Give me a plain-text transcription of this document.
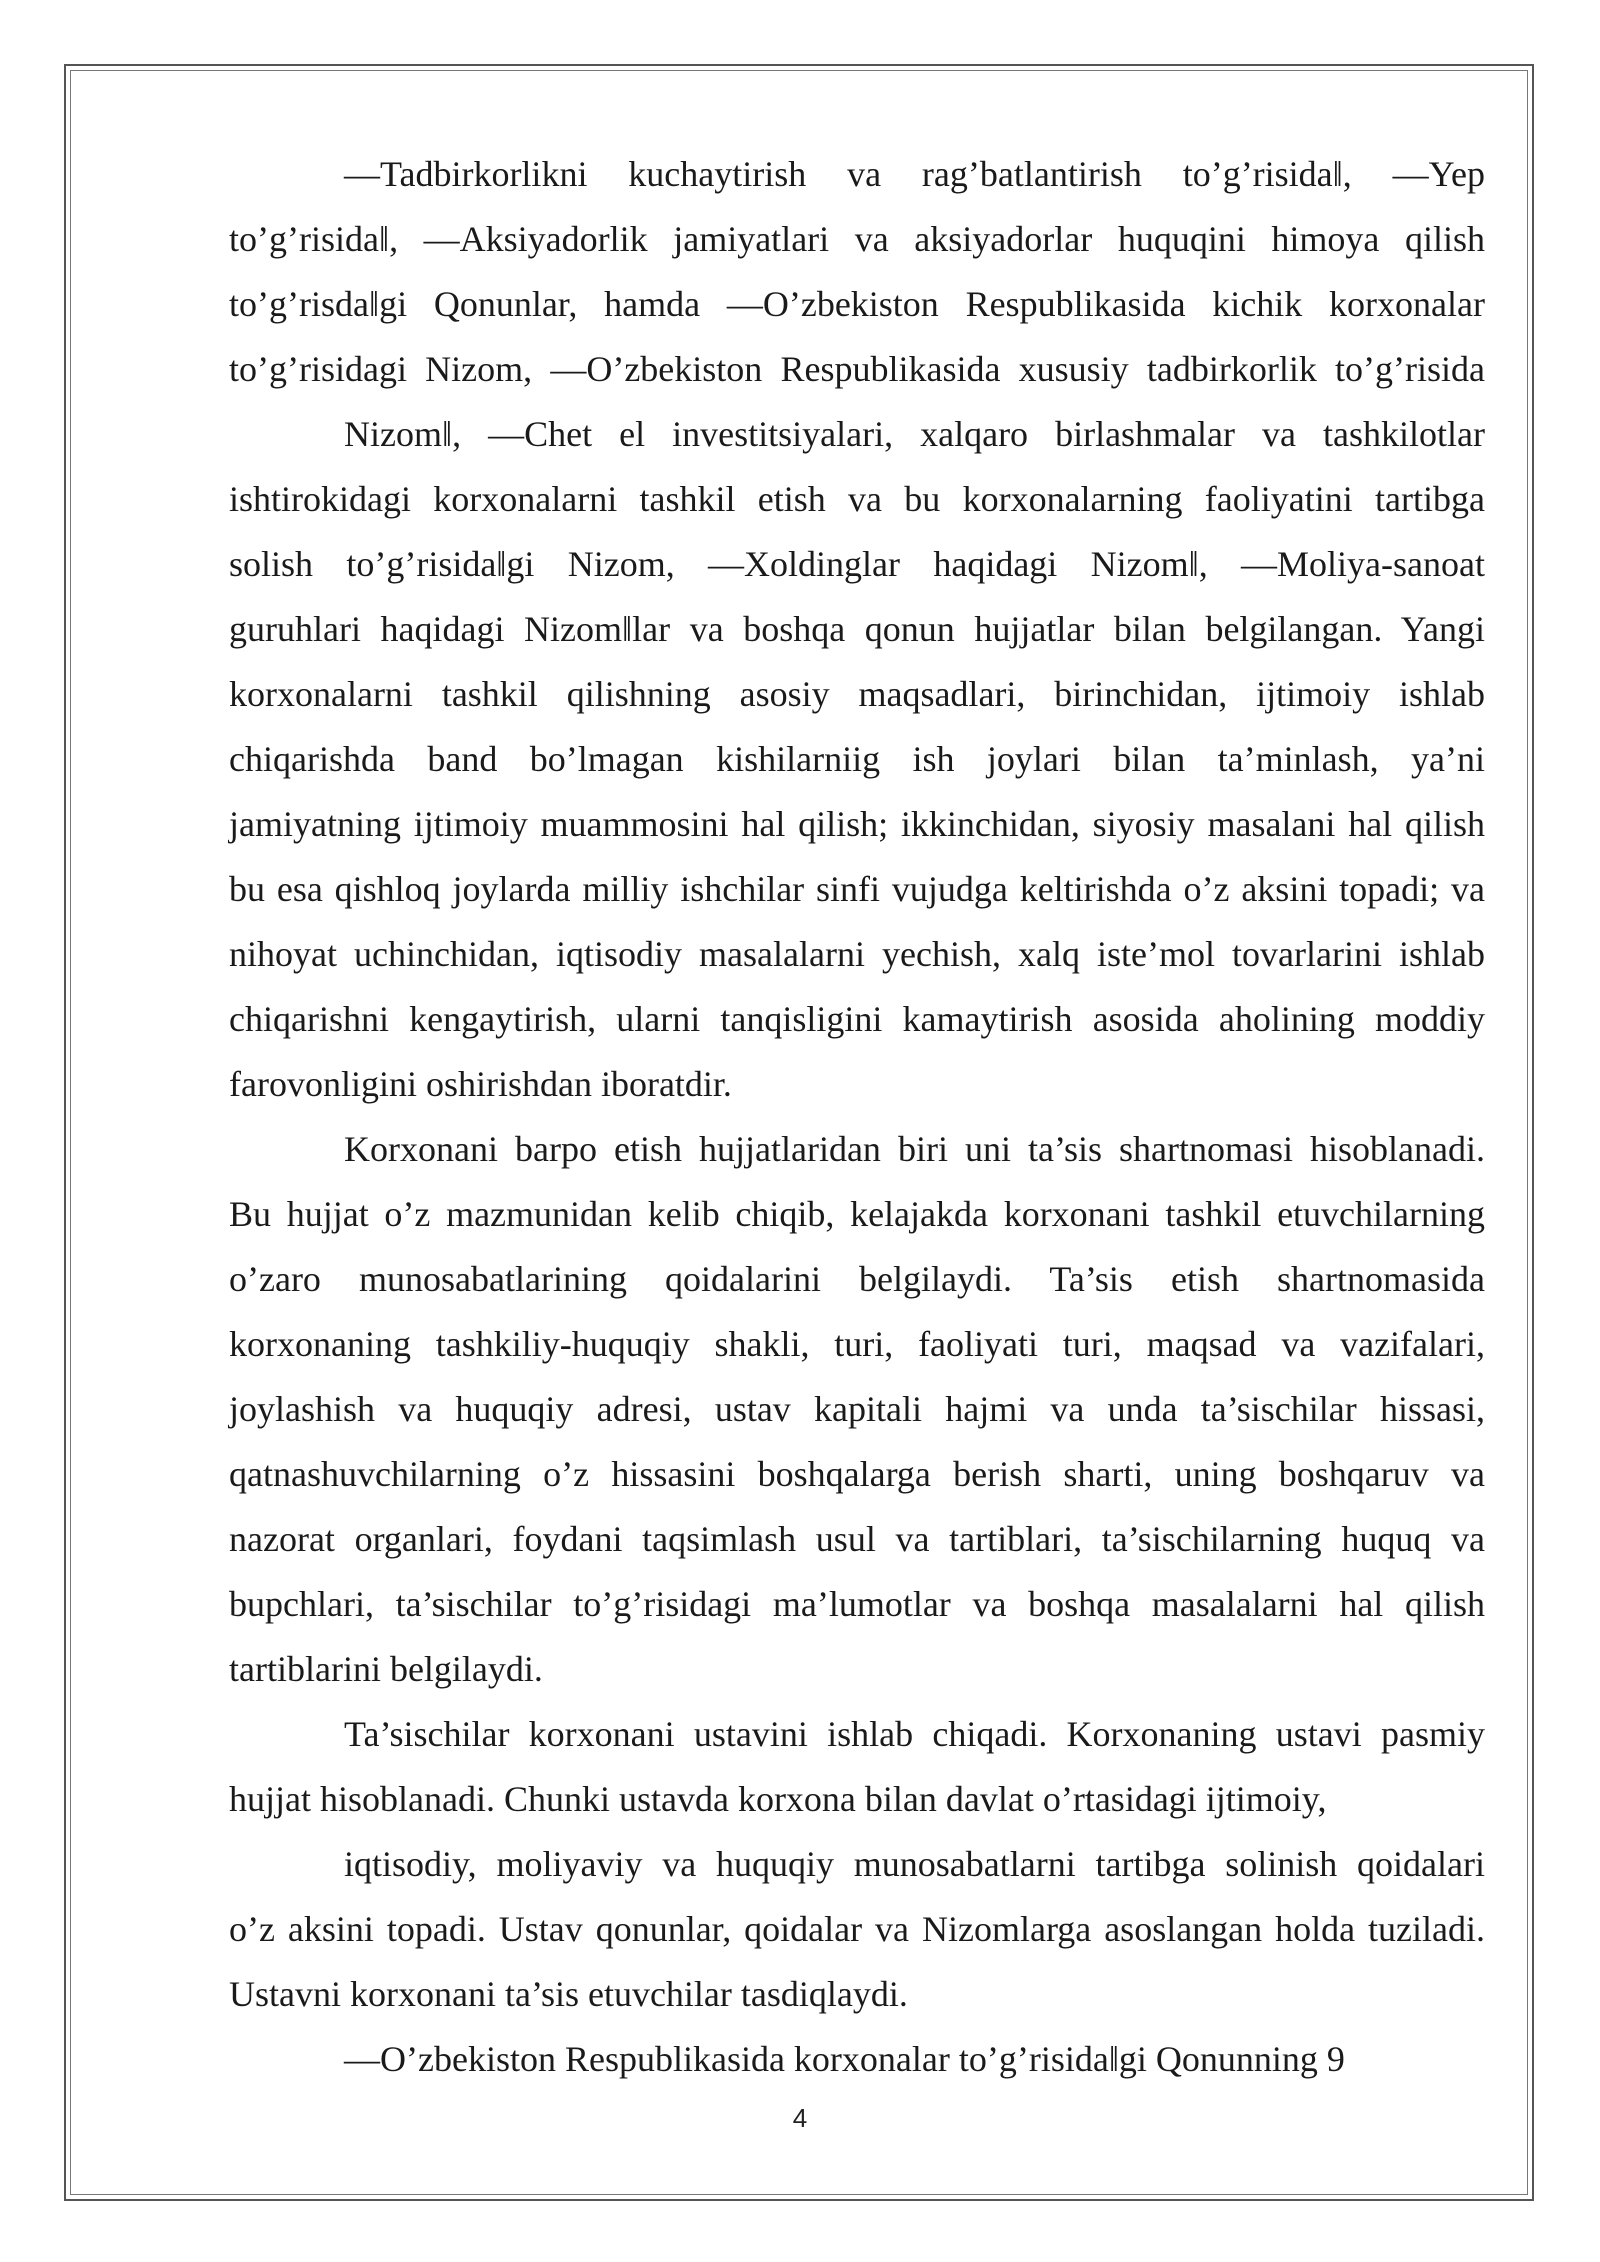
―Tadbirkorlikni kuchaytirish va rag’batlantirish to’g’risida‖, ―Yep
to’g’risida‖, ―Aksiyadorlik jamiyatlari va aksiyadorlar huquqini himoya qilish
to’g’risda‖gi Qonunlar, hamda ―O’zbekiston Respublikasida kichik korxonalar
to’g’risidagi Nizom, ―O’zbekiston Respublikasida xususiy tadbirkorlik to’g’risida
Nizom‖, ―Chet el investitsiyalari, xalqaro birlashmalar va tashkilotlar
ishtirokidagi korxonalarni tashkil etish va bu korxonalarning faoliyatini tartibga
solish to’g’risida‖gi Nizom, ―Xoldinglar haqidagi Nizom‖, ―Moliya-sanoat
guruhlari haqidagi Nizom‖lar va boshqa qonun hujjatlar bilan belgilangan. Yangi
korxonalarni tashkil qilishning asosiy maqsadlari, birinchidan, ijtimoiy ishlab
chiqarishda band bo’lmagan kishilarniig ish joylari bilan ta’minlash, ya’ni
jamiyatning ijtimoiy muammosini hal qilish; ikkinchidan, siyosiy masalani hal qilish
bu esa qishloq joylarda milliy ishchilar sinfi vujudga keltirishda o’z aksini topadi; va
nihoyat uchinchidan, iqtisodiy masalalarni yechish, xalq iste’mol tovarlarini ishlab
chiqarishni kengaytirish, ularni tanqisligini kamaytirish asosida aholining moddiy
farovonligini oshirishdan iboratdir.
Korxonani barpo etish hujjatlaridan biri uni ta’sis shartnomasi hisoblanadi.
Bu hujjat o’z mazmunidan kelib chiqib, kelajakda korxonani tashkil etuvchilarning
o’zaro munosabatlarining qoidalarini belgilaydi. Ta’sis etish shartnomasida
korxonaning tashkiliy-huquqiy shakli, turi, faoliyati turi, maqsad va vazifalari,
joylashish va huquqiy adresi, ustav kapitali hajmi va unda ta’sischilar hissasi,
qatnashuvchilarning o’z hissasini boshqalarga berish sharti, uning boshqaruv va
nazorat organlari, foydani taqsimlash usul va tartiblari, ta’sischilarning huquq va
bupchlari, ta’sischilar to’g’risidagi ma’lumotlar va boshqa masalalarni hal qilish
tartiblarini belgilaydi.
Ta’sischilar korxonani ustavini ishlab chiqadi. Korxonaning ustavi pasmiy
hujjat hisoblanadi. Chunki ustavda korxona bilan davlat o’rtasidagi ijtimoiy,
iqtisodiy, moliyaviy va huquqiy munosabatlarni tartibga solinish qoidalari
o’z aksini topadi. Ustav qonunlar, qoidalar va Nizomlarga asoslangan holda tuziladi.
Ustavni korxonani ta’sis etuvchilar tasdiqlaydi.
―O’zbekiston Respublikasida korxonalar to’g’risida‖gi Qonunning 9
4
